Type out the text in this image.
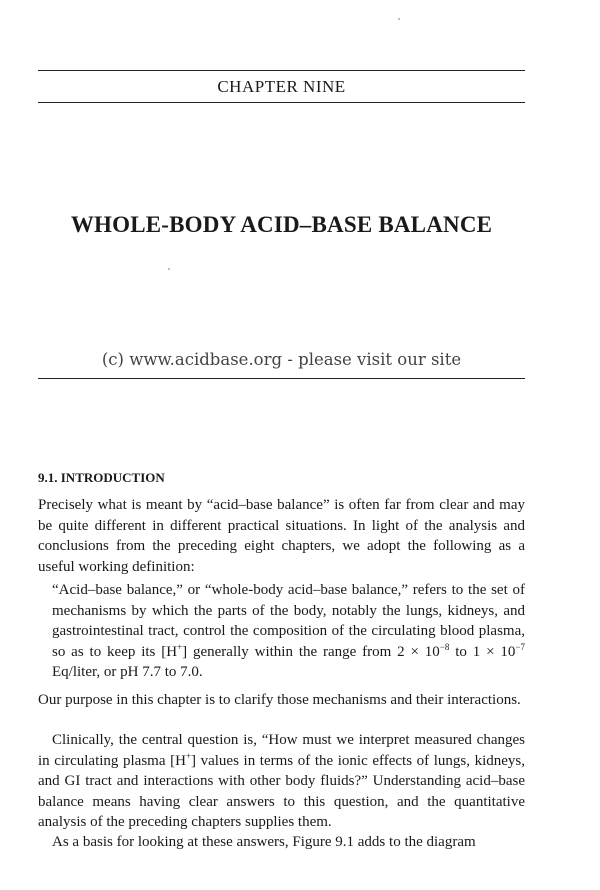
CHAPTER NINE
WHOLE-BODY ACID–BASE BALANCE
(c) www.acidbase.org - please visit our site
9.1. INTRODUCTION

Precisely what is meant by “acid–base balance” is often far from clear and may be quite different in different practical situations. In light of the analysis and conclusions from the preceding eight chapters, we adopt the following as a useful working definition:

“Acid–base balance,” or “whole-body acid–base balance,” refers to the set of mechanisms by which the parts of the body, notably the lungs, kidneys, and gastrointestinal tract, control the composition of the circulating blood plasma, so as to keep its [H+] generally within the range from $2 \times 10^{-8}$ to $1 \times 10^{-7}$ Eq/liter, or pH 7.7 to 7.0.

Our purpose in this chapter is to clarify those mechanisms and their interactions.

Clinically, the central question is, “How must we interpret measured changes in circulating plasma [H+] values in terms of the ionic effects of lungs, kidneys, and GI tract and interactions with other body fluids?” Understanding acid–base balance means having clear answers to this question, and the quantitative analysis of the preceding chapters supplies them.

As a basis for looking at these answers, Figure 9.1 adds to the diagram
